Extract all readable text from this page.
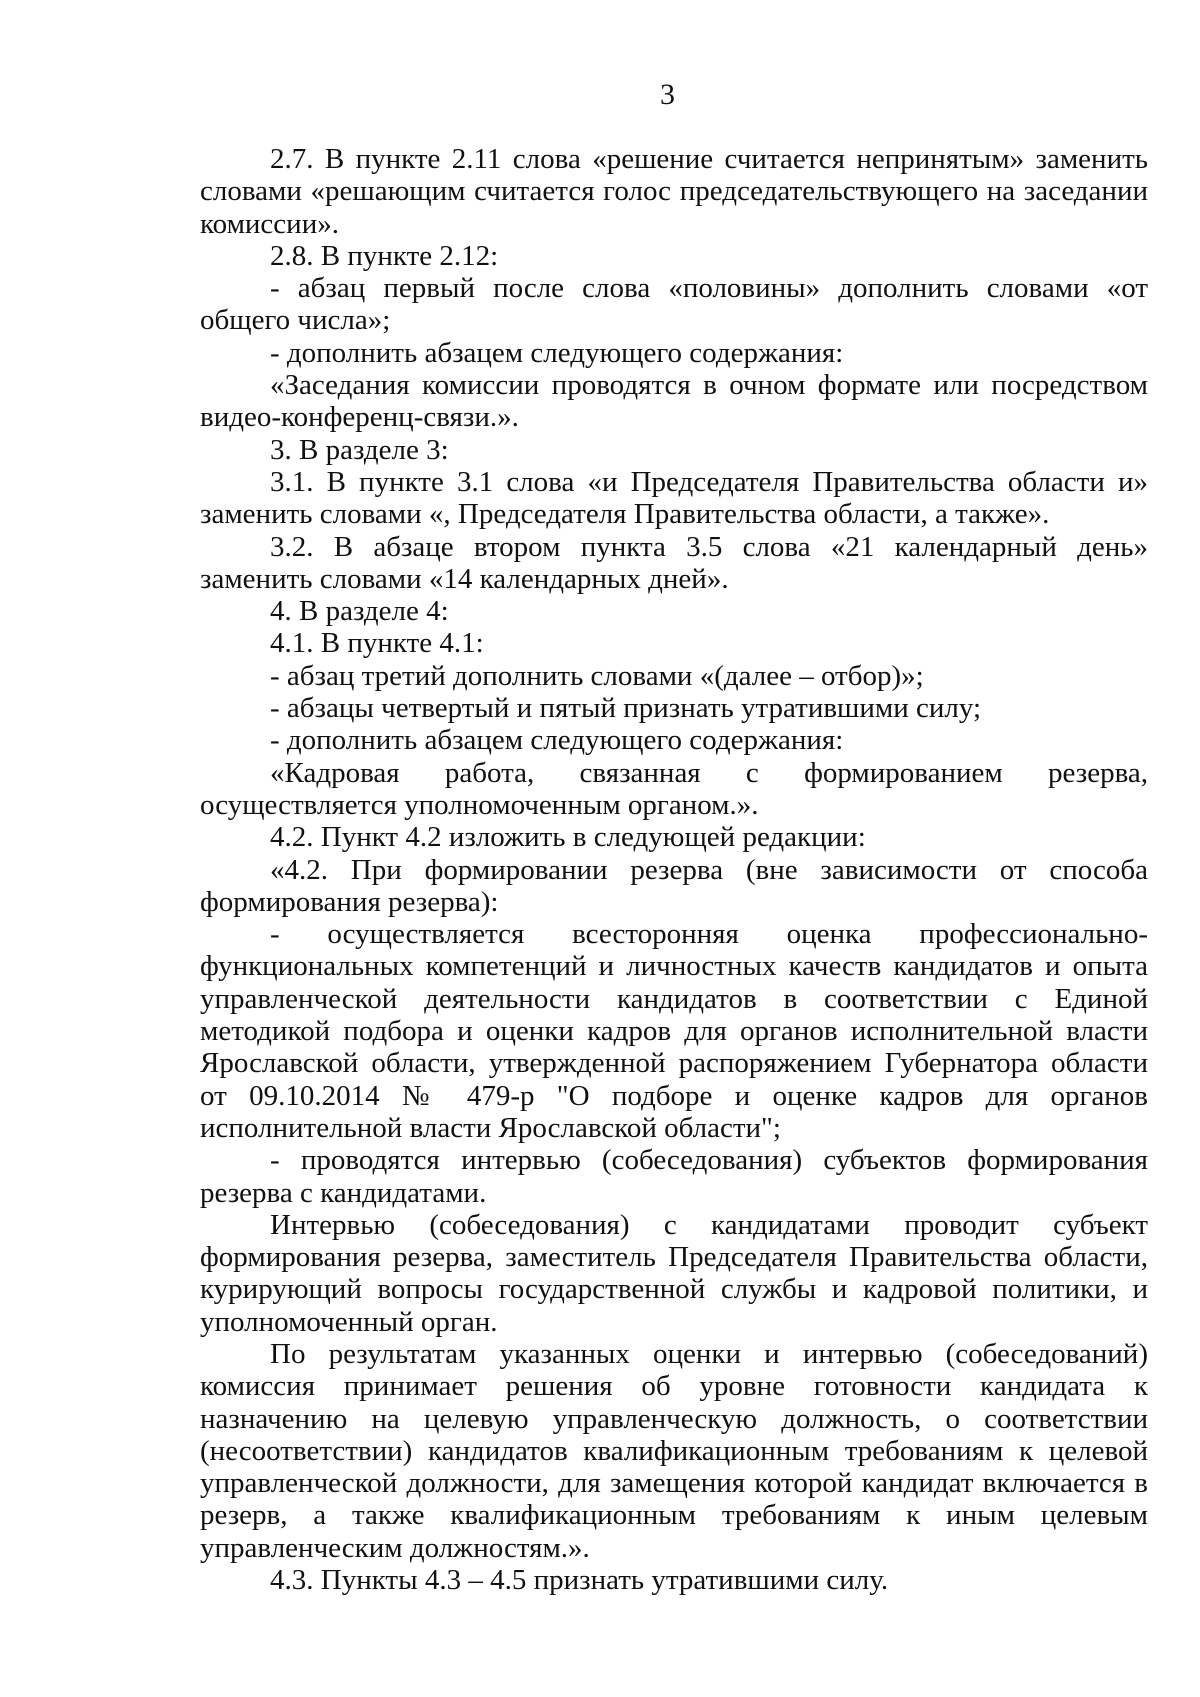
3

2.7. В пункте 2.11 слова «решение считается непринятым» заменить словами «решающим считается голос председательствующего на заседании комиссии».

2.8. В пункте 2.12:

- абзац первый после слова «половины» дополнить словами «от общего числа»;

- дополнить абзацем следующего содержания:

«Заседания комиссии проводятся в очном формате или посредством видео-конференц-связи.».

3. В разделе 3:

3.1. В пункте 3.1 слова «и Председателя Правительства области и» заменить словами «, Председателя Правительства области, а также».

3.2. В абзаце втором пункта 3.5 слова «21 календарный день» заменить словами «14 календарных дней».

4. В разделе 4:

4.1. В пункте 4.1:

- абзац третий дополнить словами «(далее – отбор)»;

- абзацы четвертый и пятый признать утратившими силу;

- дополнить абзацем следующего содержания:

«Кадровая работа, связанная с формированием резерва, осуществляется уполномоченным органом.».

4.2. Пункт 4.2 изложить в следующей редакции:

«4.2. При формировании резерва (вне зависимости от способа формирования резерва):

- осуществляется всесторонняя оценка профессионально-функциональных компетенций и личностных качеств кандидатов и опыта управленческой деятельности кандидатов в соответствии с Единой методикой подбора и оценки кадров для органов исполнительной власти Ярославской области, утвержденной распоряжением Губернатора области от 09.10.2014 № 479-р "О подборе и оценке кадров для органов исполнительной власти Ярославской области";

- проводятся интервью (собеседования) субъектов формирования резерва с кандидатами.

Интервью (собеседования) с кандидатами проводит субъект формирования резерва, заместитель Председателя Правительства области, курирующий вопросы государственной службы и кадровой политики, и уполномоченный орган.

По результатам указанных оценки и интервью (собеседований) комиссия принимает решения об уровне готовности кандидата к назначению на целевую управленческую должность, о соответствии (несоответствии) кандидатов квалификационным требованиям к целевой управленческой должности, для замещения которой кандидат включается в резерв, а также квалификационным требованиям к иным целевым управленческим должностям.».

4.3. Пункты 4.3 – 4.5 признать утратившими силу.
